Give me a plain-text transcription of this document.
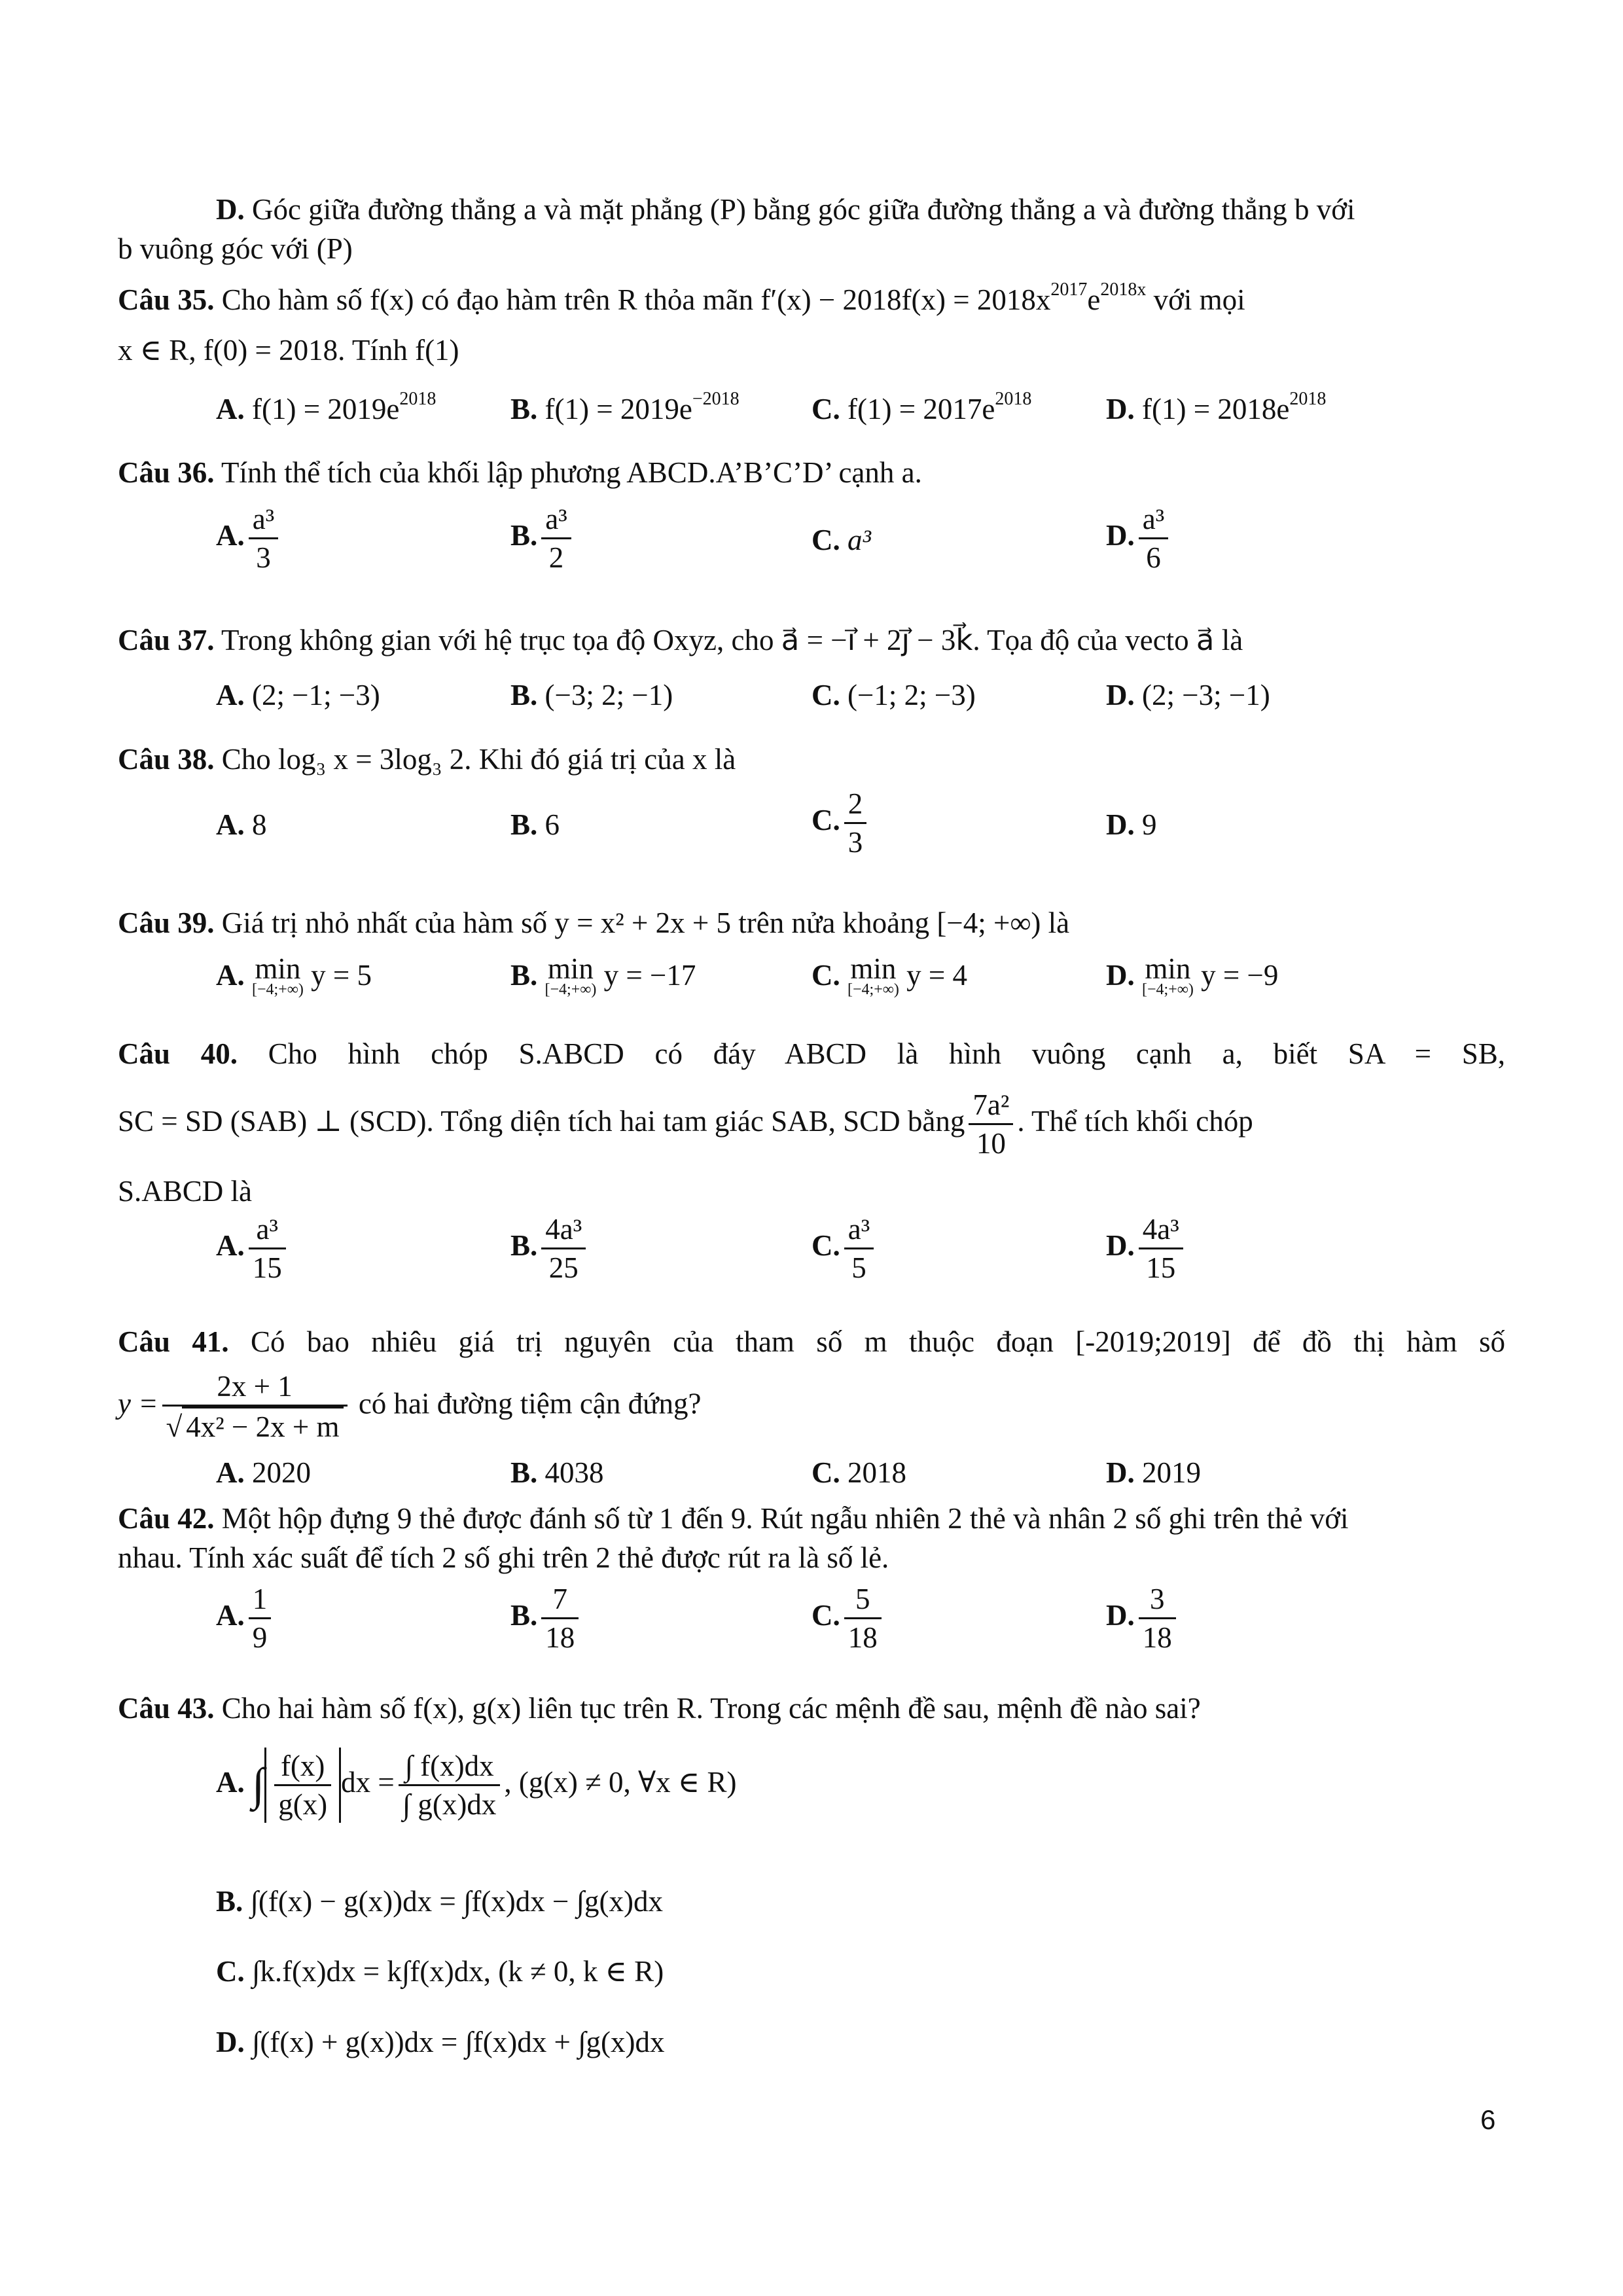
D. Góc giữa đường thẳng a và mặt phẳng (P) bằng góc giữa đường thẳng a và đường thẳng b với
b vuông góc với (P)
Câu 35. Cho hàm số f(x) có đạo hàm trên R thỏa mãn $f'(x) - 2018f(x) = 2018x^{2017}e^{2018x}$ với mọi
x ∈ R, f(0) = 2018. Tính f(1)
A. $f(1) = 2019e^{2018}$	B. $f(1) = 2019e^{-2018}$ C. $f(1) = 2017e^{2018}$	D. $f(1) = 2018e^{2018}$
Câu 36. Tính thể tích của khối lập phương ABCD.A’B’C’D’ cạnh a.
A. $\frac{\text{a³}}{3}$	B. $\frac{\text{a³}}{2}$	C. a³	D. $\frac{\text{a³}}{6}$
Câu 37. Trong không gian với hệ trục tọa độ Oxyz, cho a⃗ = −i⃗ + 2j⃗ − 3k⃗. Tọa độ của vecto a⃗ là
A. (2; −1; −3)	B. (−3; 2; −1)	C. (−1; 2; −3)	D. (2; −3; −1)
Câu 38. Cho log₃ x = 3log₃ 2. Khi đó giá trị của x là
A. 8	B. 6	C. $\frac{2}{3}$	D. 9
Câu 39. Giá trị nhỏ nhất của hàm số y = x² + 2x + 5 trên nửa khoảng [−4; +∞) là
A. min
[−4;+∞) y = 5	B. min
[−4;+∞) y = −17	C. min
[−4;+∞) y = 4	D. min
[−4;+∞) y = −9
Câu 40. Cho hình chóp S.ABCD có đáy ABCD là hình vuông cạnh a, biết SA = SB,
SC = SD (SAB) ⊥ (SCD). Tổng diện tích hai tam giác SAB, SCD bằng $\frac{\text{7a²}}{10}$ . Thể tích khối chóp
S.ABCD là
A. $\frac{\text{a³}}{15}$	B. $\frac{\text{4a³}}{25}$	C. $\frac{\text{a³}}{5}$	D. $\frac{\text{4a³}}{15}$
Câu 41. Có bao nhiêu giá trị nguyên của tham số m thuộc đoạn [-2019;2019] để đồ thị hàm số
$y = \frac{2x + 1}{\text{√ 4x² − 2x + m}}$ có hai đường tiệm cận đứng?
A. 2020	B. 4038	C. 2018	D. 2019
Câu 42. Một hộp đựng 9 thẻ được đánh số từ 1 đến 9. Rút ngẫu nhiên 2 thẻ và nhân 2 số ghi trên thẻ với
nhau. Tính xác suất để tích 2 số ghi trên 2 thẻ được rút ra là số lẻ.
A. $\frac{1}{9}$	B. $\frac{7}{18}$	C. $\frac{5}{18}$	D. $\frac{3}{18}$
Câu 43. Cho hai hàm số f(x), g(x) liên tục trên R. Trong các mệnh đề sau, mệnh đề nào sai?
A. ∫ $\frac{f(x)}{g(x)}$ dx = $\frac{\int f(x)dx}{\int g(x)dx}$ , (g(x) ≠ 0, ∀x ∈ R)
B. ∫(f(x) − g(x))dx = ∫f(x)dx − ∫g(x)dx
C. ∫k.f(x)dx = k∫f(x)dx, (k ≠ 0, k ∈ R)
D. ∫(f(x) + g(x))dx = ∫f(x)dx + ∫g(x)dx
6
